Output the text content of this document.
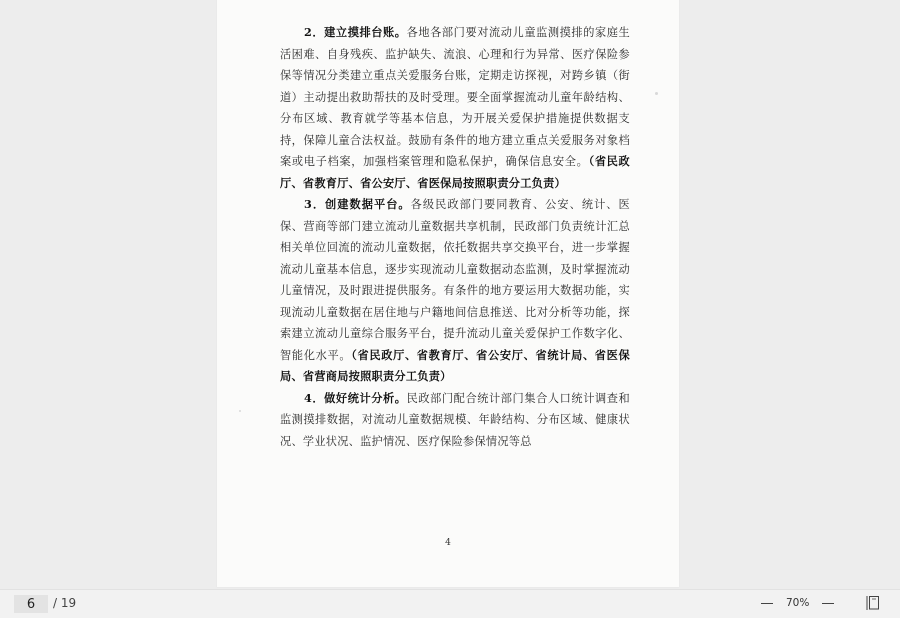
2．建立摸排台账。各地各部门要对流动儿童监测摸排的家庭生活困难、自身残疾、监护缺失、流浪、心理和行为异常、医疗保险参保等情况分类建立重点关爱服务台账，定期走访探视，对跨乡镇（街道）主动提出救助帮扶的及时受理。要全面掌握流动儿童年龄结构、分布区域、教育就学等基本信息，为开展关爱保护措施提供数据支持，保障儿童合法权益。鼓励有条件的地方建立重点关爱服务对象档案或电子档案，加强档案管理和隐私保护，确保信息安全。（省民政厅、省教育厅、省公安厅、省医保局按照职责分工负责）

3．创建数据平台。各级民政部门要同教育、公安、统计、医保、营商等部门建立流动儿童数据共享机制，民政部门负责统计汇总相关单位回流的流动儿童数据，依托数据共享交换平台，进一步掌握流动儿童基本信息，逐步实现流动儿童数据动态监测，及时掌握流动儿童情况，及时跟进提供服务。有条件的地方要运用大数据功能，实现流动儿童数据在居住地与户籍地间信息推送、比对分析等功能，探索建立流动儿童综合服务平台，提升流动儿童关爱保护工作数字化、智能化水平。（省民政厅、省教育厅、省公安厅、省统计局、省医保局、省营商局按照职责分工负责）

4．做好统计分析。民政部门配合统计部门集合人口统计调查和监测摸排数据，对流动儿童数据规模、年龄结构、分布区域、健康状况、学业状况、监护情况、医疗保险参保情况等总

4
6
/ 19	70%
